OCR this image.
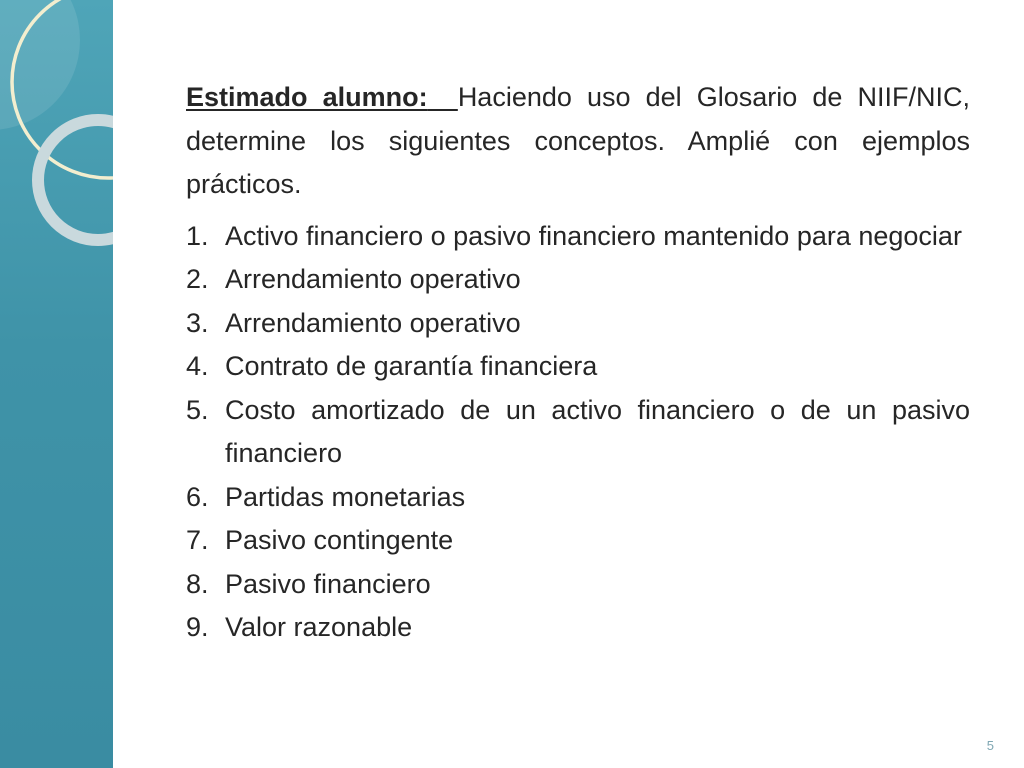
Estimado alumno: Haciendo uso del Glosario de NIIF/NIC, determine los siguientes conceptos. Amplié con ejemplos prácticos.

1. Activo financiero o pasivo financiero mantenido para negociar
2. Arrendamiento operativo
3. Arrendamiento operativo
4. Contrato de garantía financiera
5. Costo amortizado de un activo financiero o de un pasivo financiero
6. Partidas monetarias
7. Pasivo contingente
8. Pasivo financiero
9. Valor razonable
5
